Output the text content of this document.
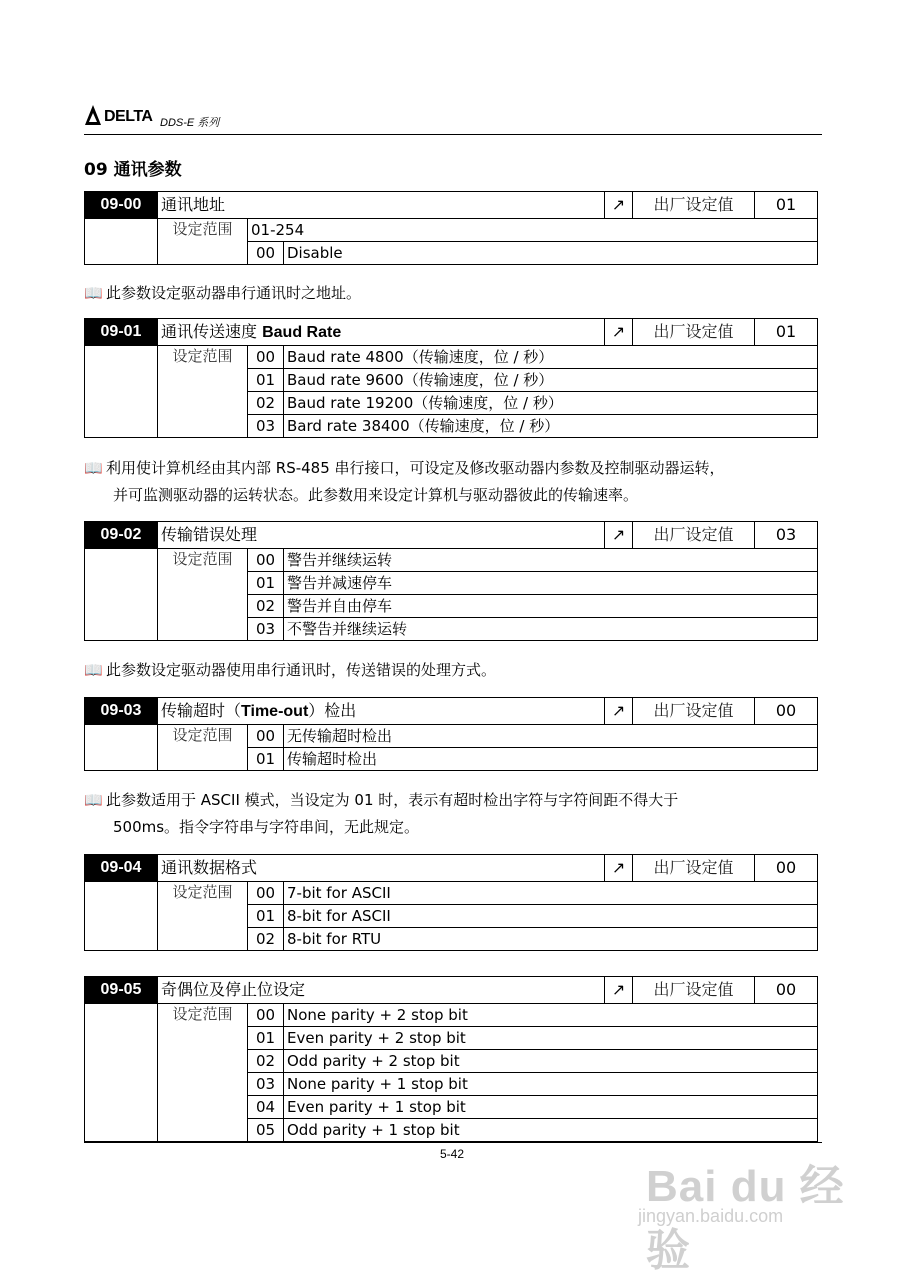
DELTA DDS-E 系列
09 通讯参数
09-00	通讯地址			↗	出厂设定值	01
	设定范围	01-254				
		00	Disable			
📖 此参数设定驱动器串行通讯时之地址。
09-01	通讯传送速度 Baud Rate			↗	出厂设定值	01
	设定范围	00	Baud rate 4800（传输速度，位 / 秒）			
		01	Baud rate 9600（传输速度，位 / 秒）			
		02	Baud rate 19200（传输速度，位 / 秒）			
		03	Bard rate 38400（传输速度，位 / 秒）			
📖 利用使计算机经由其内部 RS-485 串行接口，可设定及修改驱动器内参数及控制驱动器运转，
并可监测驱动器的运转状态。此参数用来设定计算机与驱动器彼此的传输速率。
09-02	传输错误处理			↗	出厂设定值	03
	设定范围	00	警告并继续运转			
		01	警告并减速停车			
		02	警告并自由停车			
		03	不警告并继续运转			
📖 此参数设定驱动器使用串行通讯时，传送错误的处理方式。
09-03	传输超时（Time-out）检出			↗	出厂设定值	00
	设定范围	00	无传输超时检出			
		01	传输超时检出			
📖 此参数适用于 ASCII 模式，当设定为 01 时，表示有超时检出字符与字符间距不得大于
500ms。指令字符串与字符串间，无此规定。
09-04	通讯数据格式			↗	出厂设定值	00
	设定范围	00	7-bit for ASCII			
		01	8-bit for ASCII			
		02	8-bit for RTU			
09-05	奇偶位及停止位设定			↗	出厂设定值	00
	设定范围	00	None parity + 2 stop bit			
		01	Even parity + 2 stop bit			
		02	Odd parity + 2 stop bit			
		03	None parity + 1 stop bit			
		04	Even parity + 1 stop bit			
		05	Odd parity + 1 stop bit			
5-42
Bai du 经验
jingyan.baidu.com
